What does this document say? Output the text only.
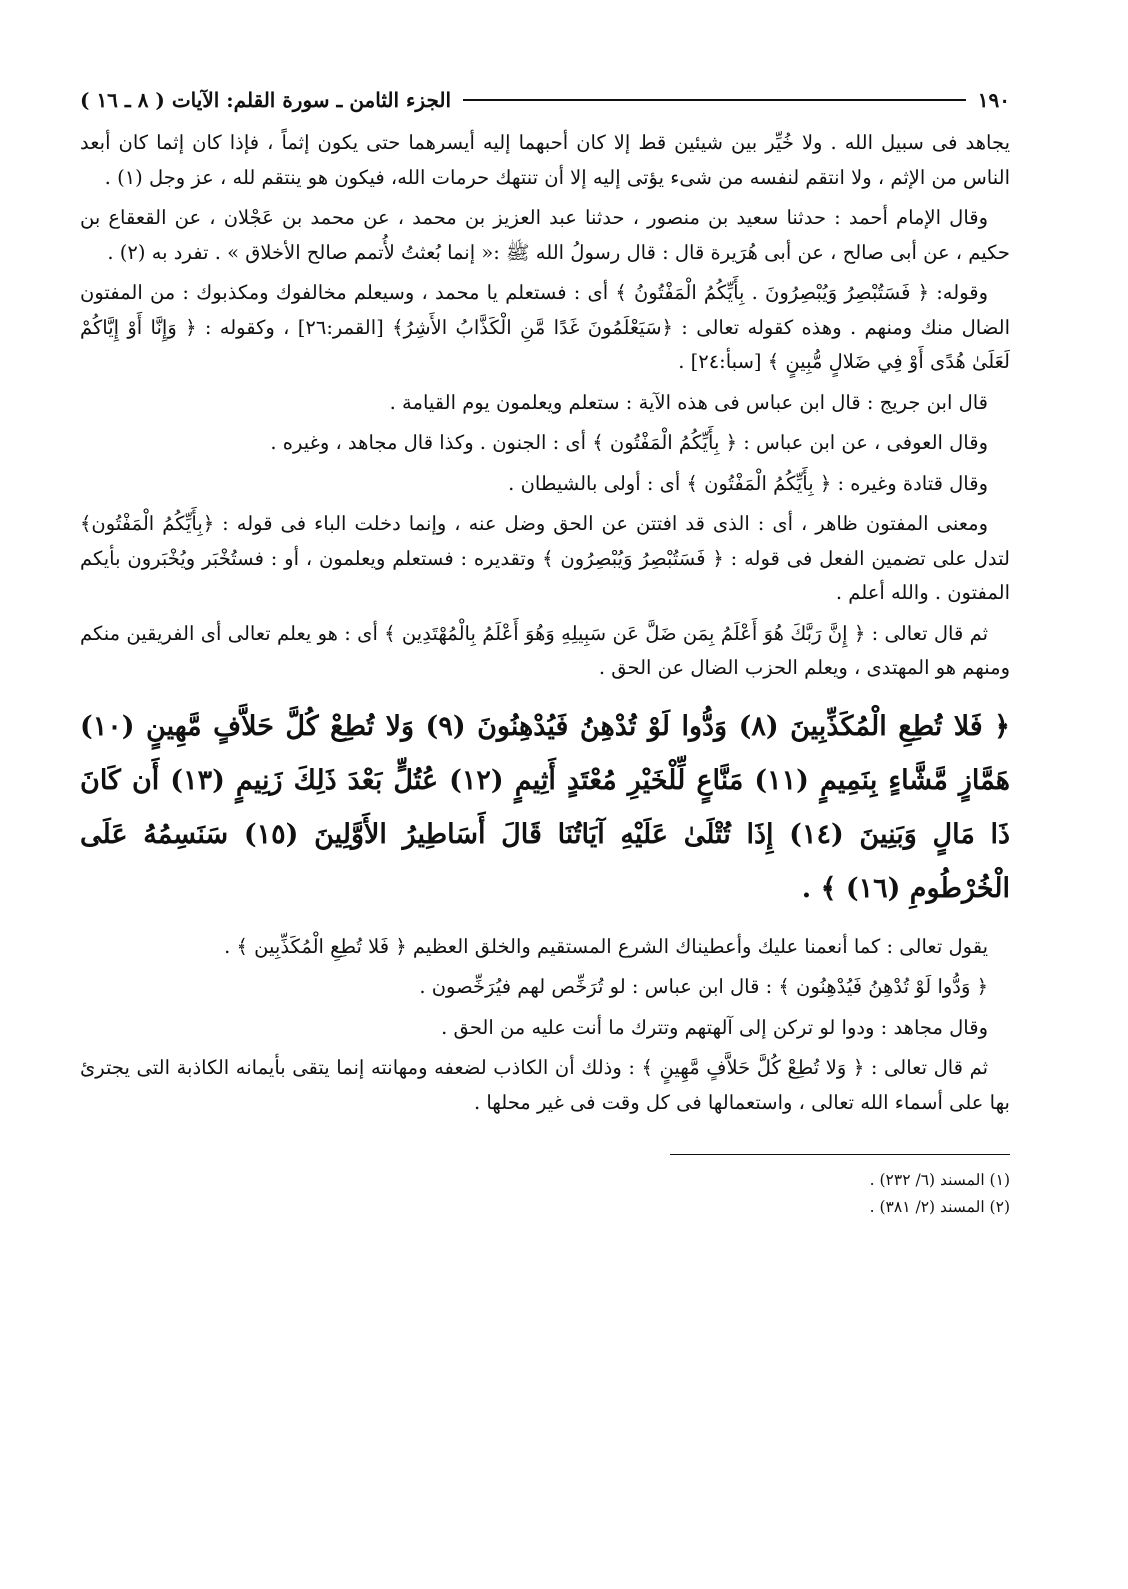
١٩٠
الجزء الثامن ـ سورة القلم: الآيات ( ٨ ـ ١٦ )

يجاهد فى سبيل الله . ولا خُيِّر بين شيئين قط إلا كان أحبهما إليه أيسرهما حتى يكون إثماً ، فإذا كان إثما كان أبعد الناس من الإثم ، ولا انتقم لنفسه من شىء يؤتى إليه إلا أن تنتهك حرمات الله، فيكون هو ينتقم لله ، عز وجل (١) .

وقال الإمام أحمد : حدثنا سعيد بن منصور ، حدثنا عبد العزيز بن محمد ، عن محمد بن عَجْلان ، عن القعقاع بن حكيم ، عن أبى صالح ، عن أبى هُرَيرة قال : قال رسولُ الله ﷺ :« إنما بُعثتُ لأُتمم صالح الأخلاق » . تفرد به (٢) .

وقوله: ﴿ فَسَتُبْصِرُ وَيُبْصِرُونَ . بِأَيِّكُمُ الْمَفْتُونُ ﴾ أى : فستعلم يا محمد ، وسيعلم مخالفوك ومكذبوك : من المفتون الضال منك ومنهم . وهذه كقوله تعالى : ﴿سَيَعْلَمُونَ غَدًا مَّنِ الْكَذَّابُ الأَشِرُ﴾ [القمر:٢٦] ، وكقوله : ﴿ وَإِنَّا أَوْ إِيَّاكُمْ لَعَلَىٰ هُدًى أَوْ فِي ضَلالٍ مُّبِينٍ ﴾ [سبأ:٢٤] .

قال ابن جريج : قال ابن عباس فى هذه الآية : ستعلم ويعلمون يوم القيامة .

وقال العوفى ، عن ابن عباس : ﴿ بِأَيِّكُمُ الْمَفْتُون ﴾ أى : الجنون . وكذا قال مجاهد ، وغيره .

وقال قتادة وغيره : ﴿ بِأَيِّكُمُ الْمَفْتُون ﴾ أى : أولى بالشيطان .

ومعنى المفتون ظاهر ، أى : الذى قد افتتن عن الحق وضل عنه ، وإنما دخلت الباء فى قوله : ﴿بِأَيِّكُمُ الْمَفْتُون﴾ لتدل على تضمين الفعل فى قوله : ﴿ فَسَتُبْصِرُ وَيُبْصِرُون ﴾ وتقديره : فستعلم ويعلمون ، أو : فستُخْبَر ويُخْبَرون بأيكم المفتون . والله أعلم .

ثم قال تعالى : ﴿ إِنَّ رَبَّكَ هُوَ أَعْلَمُ بِمَن ضَلَّ عَن سَبِيلِهِ وَهُوَ أَعْلَمُ بِالْمُهْتَدِين ﴾ أى : هو يعلم تعالى أى الفريقين منكم ومنهم هو المهتدى ، ويعلم الحزب الضال عن الحق .

﴿ فَلا تُطِعِ الْمُكَذِّبِينَ (٨) وَدُّوا لَوْ تُدْهِنُ فَيُدْهِنُونَ (٩) وَلا تُطِعْ كُلَّ حَلاَّفٍ مَّهِينٍ (١٠) هَمَّازٍ مَّشَّاءٍ بِنَمِيمٍ (١١) مَنَّاعٍ لِّلْخَيْرِ مُعْتَدٍ أَثِيمٍ (١٢) عُتُلٍّ بَعْدَ ذَلِكَ زَنِيمٍ (١٣) أَن كَانَ ذَا مَالٍ وَبَنِينَ (١٤) إِذَا تُتْلَىٰ عَلَيْهِ آيَاتُنَا قَالَ أَسَاطِيرُ الأَوَّلِينَ (١٥) سَنَسِمُهُ عَلَى الْخُرْطُومِ (١٦) ﴾ .

يقول تعالى : كما أنعمنا عليك وأعطيناك الشرع المستقيم والخلق العظيم ﴿ فَلا تُطِعِ الْمُكَذِّبِين ﴾ .

﴿ وَدُّوا لَوْ تُدْهِنُ فَيُدْهِنُون ﴾ : قال ابن عباس : لو تُرَخِّص لهم فيُرَخِّصون .

وقال مجاهد : ودوا لو تركن إلى آلهتهم وتترك ما أنت عليه من الحق .

ثم قال تعالى : ﴿ وَلا تُطِعْ كُلَّ حَلاَّفٍ مَّهِينٍ ﴾ : وذلك أن الكاذب لضعفه ومهانته إنما يتقى بأيمانه الكاذبة التى يجترئ بها على أسماء الله تعالى ، واستعمالها فى كل وقت فى غير محلها .

(١) المسند (٦/ ٢٣٢) .
(٢) المسند (٢/ ٣٨١) .
